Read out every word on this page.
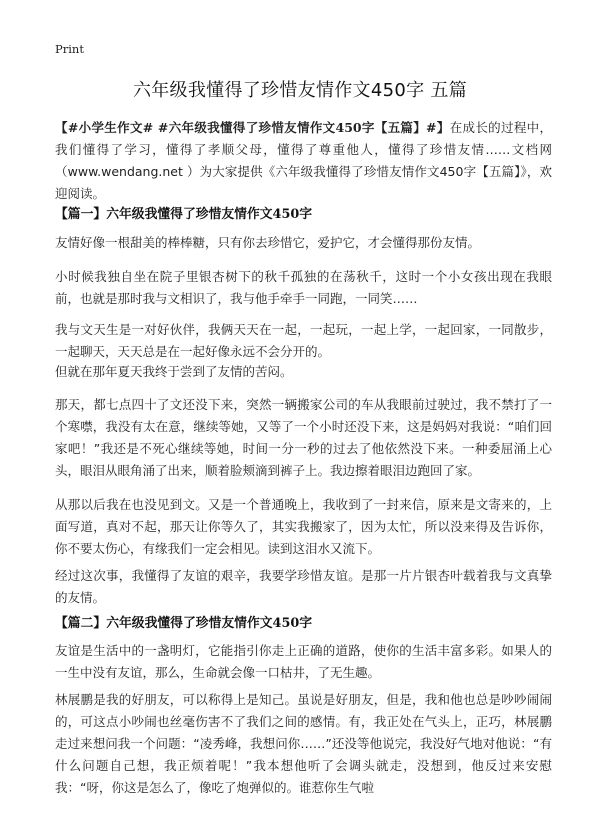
Print
六年级我懂得了珍惜友情作文450字 五篇
【#小学生作文# #六年级我懂得了珍惜友情作文450字【五篇】#】在成长的过程中，我们懂得了学习，懂得了孝顺父母，懂得了尊重他人，懂得了珍惜友情……文档网（www.wendang.net ）为大家提供《六年级我懂得了珍惜友情作文450字【五篇】》，欢迎阅读。
【篇一】六年级我懂得了珍惜友情作文450字
友情好像一根甜美的棒棒糖，只有你去珍惜它，爱护它，才会懂得那份友情。
小时候我独自坐在院子里银杏树下的秋千孤独的在荡秋千，这时一个小女孩出现在我眼前，也就是那时我与文相识了，我与他手牵手一同跑，一同笑……
我与文天生是一对好伙伴，我俩天天在一起，一起玩，一起上学，一起回家，一同散步，一起聊天，天天总是在一起好像永远不会分开的。
但就在那年夏天我终于尝到了友情的苦闷。
那天，都七点四十了文还没下来，突然一辆搬家公司的车从我眼前过驶过，我不禁打了一个寒噤，我没有太在意，继续等她，又等了一个小时还没下来，这是妈妈对我说：“咱们回家吧！”我还是不死心继续等她，时间一分一秒的过去了他依然没下来。一种委屈涌上心头，眼泪从眼角涌了出来，顺着脸颊滴到裤子上。我边擦着眼泪边跑回了家。
从那以后我在也没见到文。又是一个普通晚上，我收到了一封来信，原来是文寄来的，上面写道，真对不起，那天让你等久了，其实我搬家了，因为太忙，所以没来得及告诉你，你不要太伤心，有缘我们一定会相见。读到这泪水又流下。
经过这次事，我懂得了友谊的艰辛，我要学珍惜友谊。是那一片片银杏叶载着我与文真挚的友情。
【篇二】六年级我懂得了珍惜友情作文450字
友谊是生活中的一盏明灯，它能指引你走上正确的道路，使你的生活丰富多彩。如果人的一生中没有友谊，那么，生命就会像一口枯井，了无生趣。
林展鹏是我的好朋友，可以称得上是知己。虽说是好朋友，但是，我和他也总是吵吵闹闹的，可这点小吵闹也丝毫伤害不了我们之间的感情。有，我正处在气头上，正巧，林展鹏走过来想问我一个问题：“凌秀峰，我想问你……”还没等他说完，我没好气地对他说：“有什么问题自己想，我正烦着呢！”我本想他听了会调头就走，没想到，他反过来安慰我：“呀，你这是怎么了，像吃了炮弹似的。谁惹你生气啦
